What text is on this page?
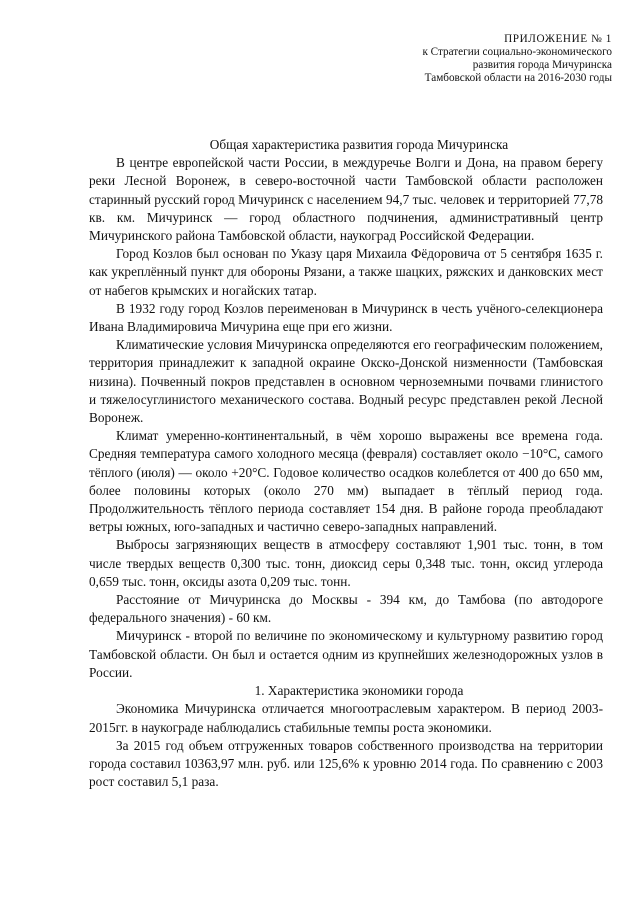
ПРИЛОЖЕНИЕ № 1
к Стратегии социально-экономического
развития города Мичуринска
Тамбовской области на 2016-2030 годы
Общая характеристика развития города Мичуринска

В центре европейской части России, в междуречье Волги и Дона, на правом берегу реки Лесной Воронеж, в северо-восточной части Тамбовской области расположен старинный русский город Мичуринск с населением 94,7 тыс. человек и территорией 77,78 кв. км. Мичуринск — город областного подчинения, административный центр Мичуринского района Тамбовской области, наукоград Российской Федерации.

Город Козлов был основан по Указу царя Михаила Фёдоровича от 5 сентября 1635 г. как укреплённый пункт для обороны Рязани, а также шацких, ряжских и данковских мест от набегов крымских и ногайских татар.

В 1932 году город Козлов переименован в Мичуринск в честь учёного-селекционера Ивана Владимировича Мичурина еще при его жизни.

Климатические условия Мичуринска определяются его географическим положением, территория принадлежит к западной окраине Окско-Донской низменности (Тамбовская низина). Почвенный покров представлен в основном черноземными почвами глинистого и тяжелосуглинистого механического состава. Водный ресурс представлен рекой Лесной Воронеж.

Климат умеренно-континентальный, в чём хорошо выражены все времена года. Средняя температура самого холодного месяца (февраля) составляет около −10°C, самого тёплого (июля) — около +20°C. Годовое количество осадков колеблется от 400 до 650 мм, более половины которых (около 270 мм) выпадает в тёплый период года. Продолжительность тёплого периода составляет 154 дня. В районе города преобладают ветры южных, юго-западных и частично северо-западных направлений.

Выбросы загрязняющих веществ в атмосферу составляют 1,901 тыс. тонн, в том числе твердых веществ 0,300 тыс. тонн, диоксид серы 0,348 тыс. тонн, оксид углерода 0,659 тыс. тонн, оксиды азота 0,209 тыс. тонн.

Расстояние от Мичуринска до Москвы - 394 км, до Тамбова (по автодороге федерального значения) - 60 км.

Мичуринск - второй по величине по экономическому и культурному развитию город Тамбовской области. Он был и остается одним из крупнейших железнодорожных узлов в России.

1. Характеристика экономики города

Экономика Мичуринска отличается многоотраслевым характером. В период 2003-2015гг. в наукограде наблюдались стабильные темпы роста экономики.

За 2015 год объем отгруженных товаров собственного производства на территории города составил 10363,97 млн. руб. или 125,6% к уровню 2014 года. По сравнению с 2003 рост составил 5,1 раза.
